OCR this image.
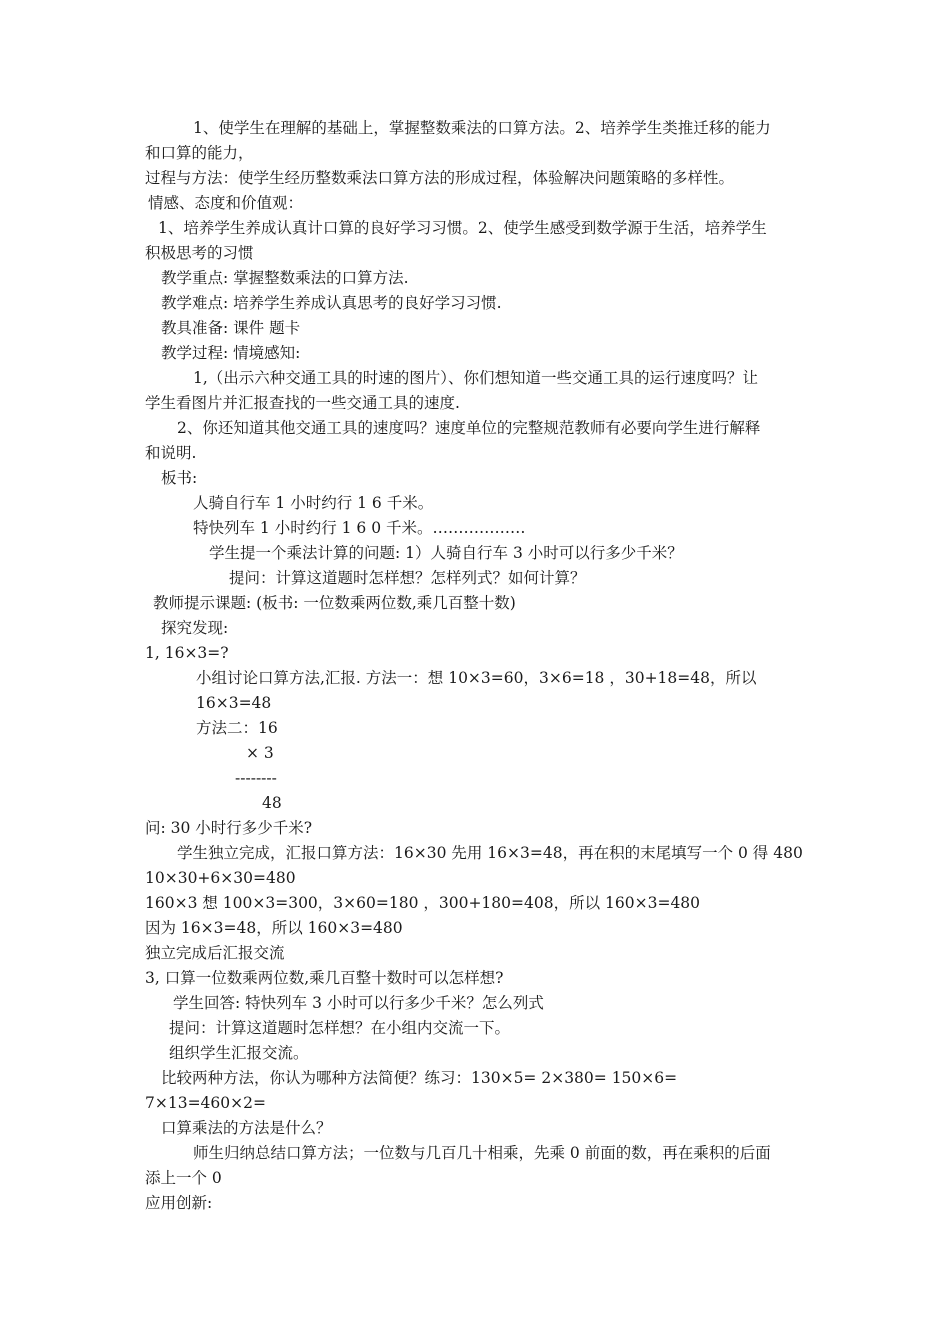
1、使学生在理解的基础上，掌握整数乘法的口算方法。2、培养学生类推迁移的能力
和口算的能力，
过程与方法：使学生经历整数乘法口算方法的形成过程，体验解决问题策略的多样性。
情感、态度和价值观：
1、培养学生养成认真计口算的良好学习习惯。2、使学生感受到数学源于生活，培养学生
积极思考的习惯
教学重点: 掌握整数乘法的口算方法.
教学难点: 培养学生养成认真思考的良好学习习惯.
教具准备: 课件 题卡
教学过程: 情境感知:
1,（出示六种交通工具的时速的图片）、你们想知道一些交通工具的运行速度吗？让
学生看图片并汇报查找的一些交通工具的速度.
2、你还知道其他交通工具的速度吗？速度单位的完整规范教师有必要向学生进行解释
和说明.
板书:
人骑自行车 1 小时约行 1 6 千米。
特快列车 1 小时约行 1 6 0 千米。………………
学生提一个乘法计算的问题: 1）人骑自行车 3 小时可以行多少千米？
提问：计算这道题时怎样想？怎样列式？如何计算？
教师提示课题: (板书: 一位数乘两位数,乘几百整十数)
探究发现:
1, 16×3=?
小组讨论口算方法,汇报. 方法一：想 10×3=60，3×6=18 ，30+18=48，所以
16×3=48
方法二：16
× 3
--------
48
问: 30 小时行多少千米?
学生独立完成，汇报口算方法：16×30 先用 16×3=48，再在积的末尾填写一个 0 得 480
10×30+6×30=480
160×3 想 100×3=300，3×60=180 ，300+180=408，所以 160×3=480
因为 16×3=48，所以 160×3=480
独立完成后汇报交流
3, 口算一位数乘两位数,乘几百整十数时可以怎样想?
学生回答: 特快列车 3 小时可以行多少千米？怎么列式
提问：计算这道题时怎样想？在小组内交流一下。
组织学生汇报交流。
比较两种方法，你认为哪种方法简便？练习：130×5= 2×380= 150×6=
7×13=460×2=
口算乘法的方法是什么？
师生归纳总结口算方法；一位数与几百几十相乘，先乘 0 前面的数，再在乘积的后面
添上一个 0
应用创新:
